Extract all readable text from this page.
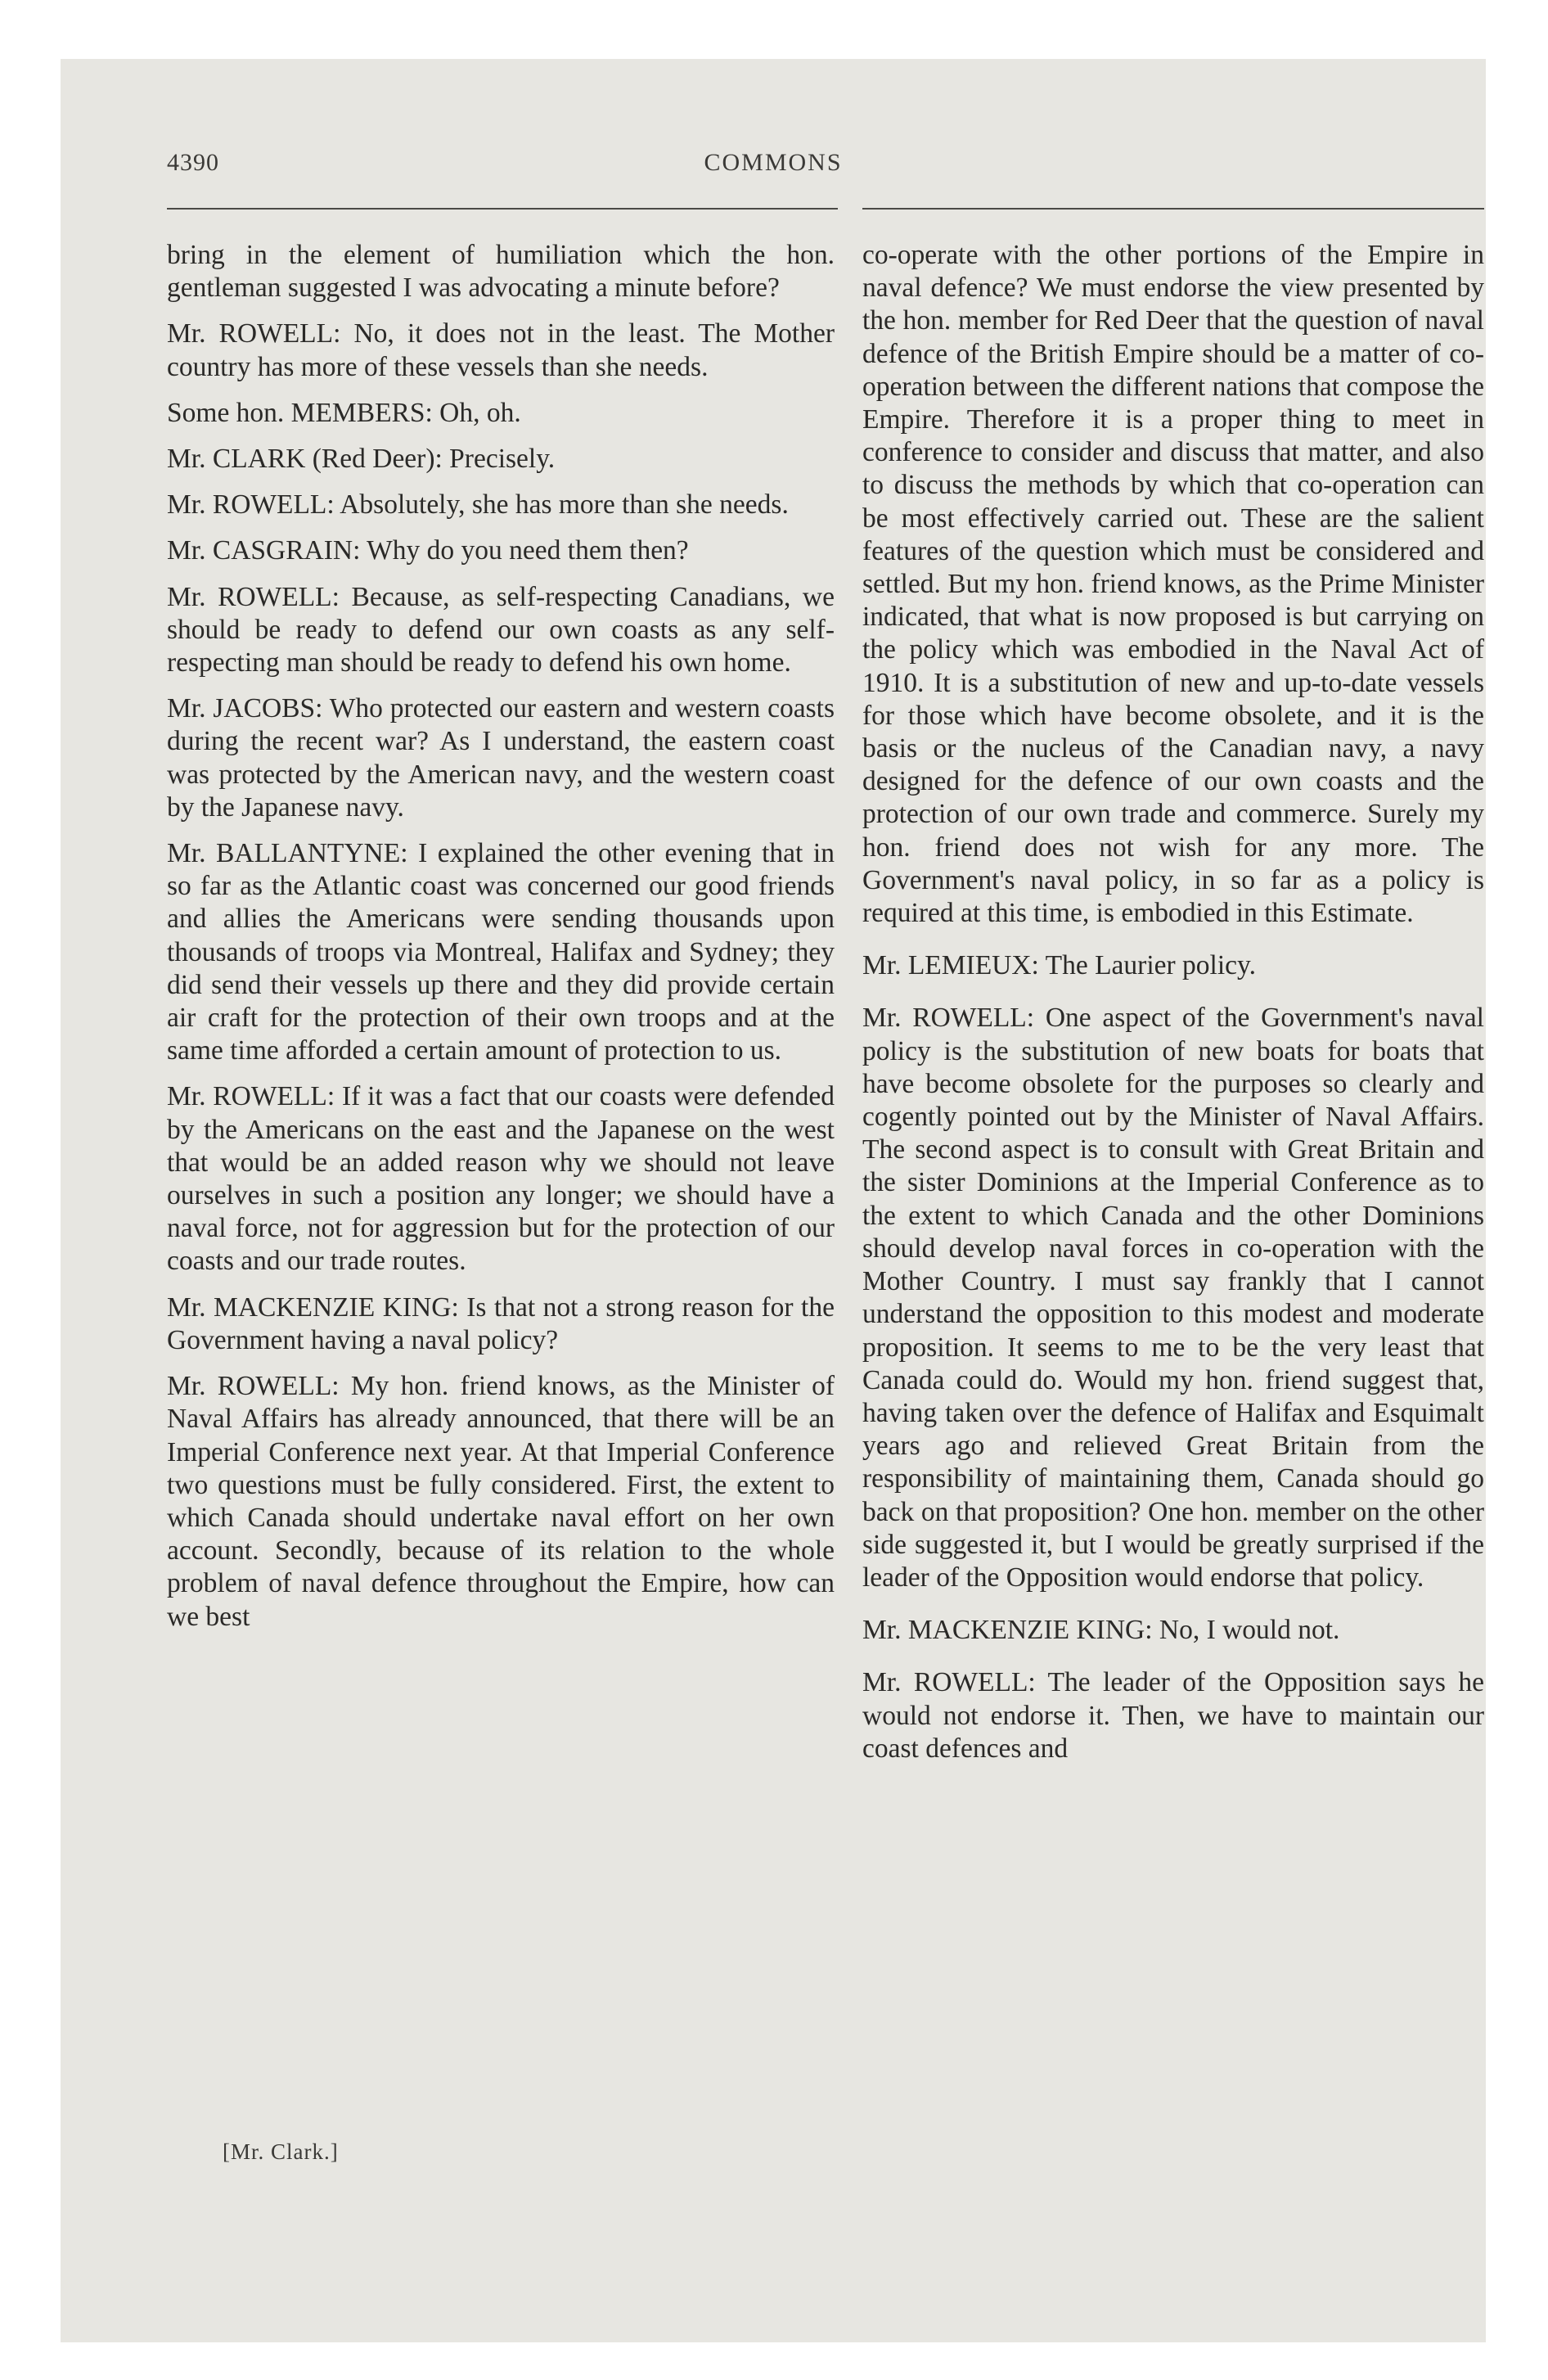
4390	COMMONS

bring in the element of humiliation which the hon. gentleman suggested I was advocating a minute before?

Mr. ROWELL: No, it does not in the least. The Mother country has more of these vessels than she needs.

Some hon. MEMBERS: Oh, oh.

Mr. CLARK (Red Deer): Precisely.

Mr. ROWELL: Absolutely, she has more than she needs.

Mr. CASGRAIN: Why do you need them then?

Mr. ROWELL: Because, as self-respecting Canadians, we should be ready to defend our own coasts as any self-respecting man should be ready to defend his own home.

Mr. JACOBS: Who protected our eastern and western coasts during the recent war? As I understand, the eastern coast was protected by the American navy, and the western coast by the Japanese navy.

Mr. BALLANTYNE: I explained the other evening that in so far as the Atlantic coast was concerned our good friends and allies the Americans were sending thousands upon thousands of troops via Montreal, Halifax and Sydney; they did send their vessels up there and they did provide certain air craft for the protection of their own troops and at the same time afforded a certain amount of protection to us.

Mr. ROWELL: If it was a fact that our coasts were defended by the Americans on the east and the Japanese on the west that would be an added reason why we should not leave ourselves in such a position any longer; we should have a naval force, not for aggression but for the protection of our coasts and our trade routes.

Mr. MACKENZIE KING: Is that not a strong reason for the Government having a naval policy?

Mr. ROWELL: My hon. friend knows, as the Minister of Naval Affairs has already announced, that there will be an Imperial Conference next year. At that Imperial Conference two questions must be fully considered. First, the extent to which Canada should undertake naval effort on her own account. Secondly, because of its relation to the whole problem of naval defence throughout the Empire, how can we best

co-operate with the other portions of the Empire in naval defence? We must endorse the view presented by the hon. member for Red Deer that the question of naval defence of the British Empire should be a matter of co-operation between the different nations that compose the Empire. Therefore it is a proper thing to meet in conference to consider and discuss that matter, and also to discuss the methods by which that co-operation can be most effectively carried out. These are the salient features of the question which must be considered and settled. But my hon. friend knows, as the Prime Minister indicated, that what is now proposed is but carrying on the policy which was embodied in the Naval Act of 1910. It is a substitution of new and up-to-date vessels for those which have become obsolete, and it is the basis or the nucleus of the Canadian navy, a navy designed for the defence of our own coasts and the protection of our own trade and commerce. Surely my hon. friend does not wish for any more. The Government's naval policy, in so far as a policy is required at this time, is embodied in this Estimate.

Mr. LEMIEUX: The Laurier policy.

Mr. ROWELL: One aspect of the Government's naval policy is the substitution of new boats for boats that have become obsolete for the purposes so clearly and cogently pointed out by the Minister of Naval Affairs. The second aspect is to consult with Great Britain and the sister Dominions at the Imperial Conference as to the extent to which Canada and the other Dominions should develop naval forces in co-operation with the Mother Country. I must say frankly that I cannot understand the opposition to this modest and moderate proposition. It seems to me to be the very least that Canada could do. Would my hon. friend suggest that, having taken over the defence of Halifax and Esquimalt years ago and relieved Great Britain from the responsibility of maintaining them, Canada should go back on that proposition? One hon. member on the other side suggested it, but I would be greatly surprised if the leader of the Opposition would endorse that policy.

Mr. MACKENZIE KING: No, I would not.

Mr. ROWELL: The leader of the Opposition says he would not endorse it. Then, we have to maintain our coast defences and

[Mr. Clark.]
